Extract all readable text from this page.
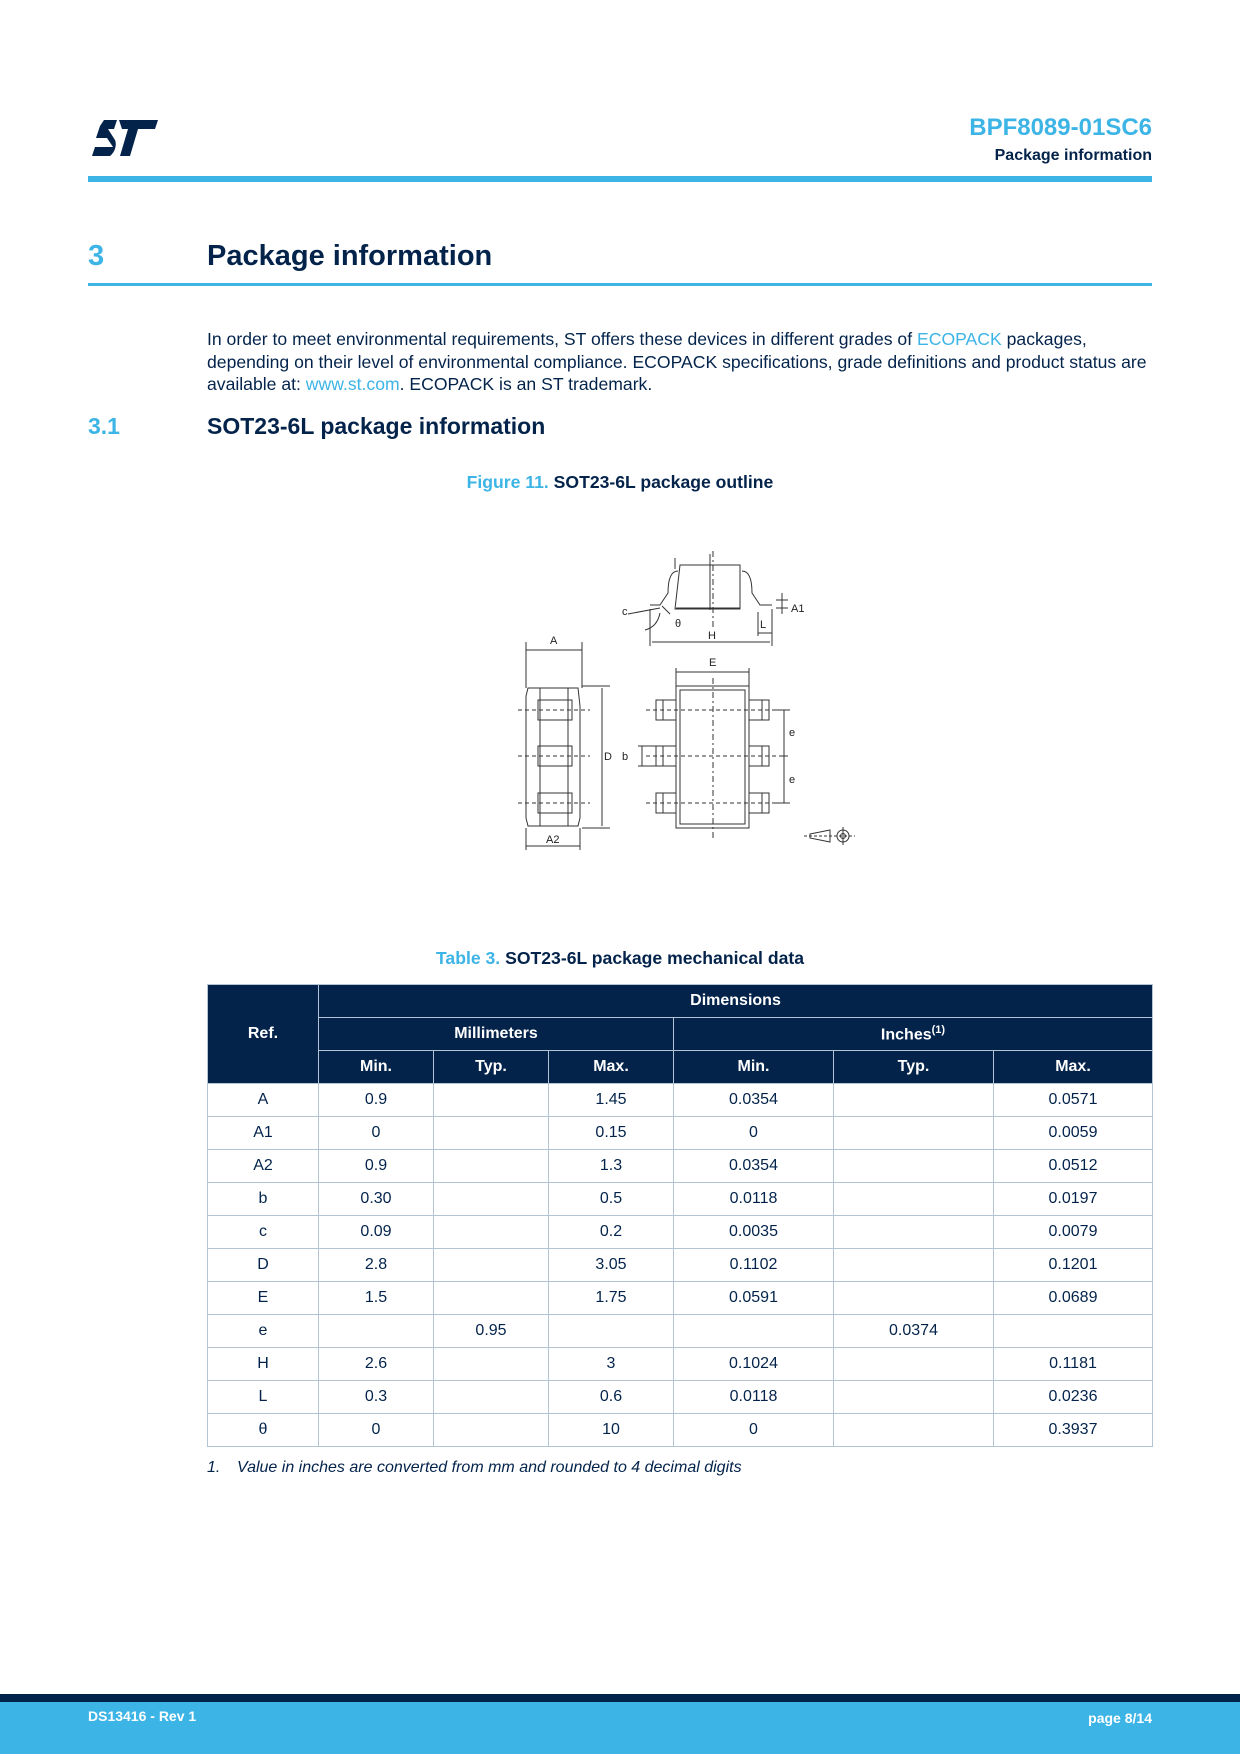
BPF8089-01SC6
Package information
3	Package information
In order to meet environmental requirements, ST offers these devices in different grades of ECOPACK packages, depending on their level of environmental compliance. ECOPACK specifications, grade definitions and product status are available at: www.st.com. ECOPACK is an ST trademark.
3.1	SOT23-6L package information
Figure 11. SOT23-6L package outline
c
θ
H
L
A1
A
D
A2
E
b
e
e
Table 3. SOT23-6L package mechanical data
Ref.	Dimensions					
	Millimeters			Inches$^{(1)}$
	Min.	Typ.	Max.	Min.	Typ.	Max.
A	0.9		1.45	0.0354		0.0571
A1	0		0.15	0		0.0059
A2	0.9		1.3	0.0354		0.0512
b	0.30		0.5	0.0118		0.0197
c	0.09		0.2	0.0035		0.0079
D	2.8		3.05	0.1102		0.1201
E	1.5		1.75	0.0591		0.0689
e		0.95			0.0374	
H	2.6		3	0.1024		0.1181
L	0.3		0.6	0.0118		0.0236
θ	0		10	0		0.3937
1. Value in inches are converted from mm and rounded to 4 decimal digits
DS13416 - Rev 1	page 8/14
